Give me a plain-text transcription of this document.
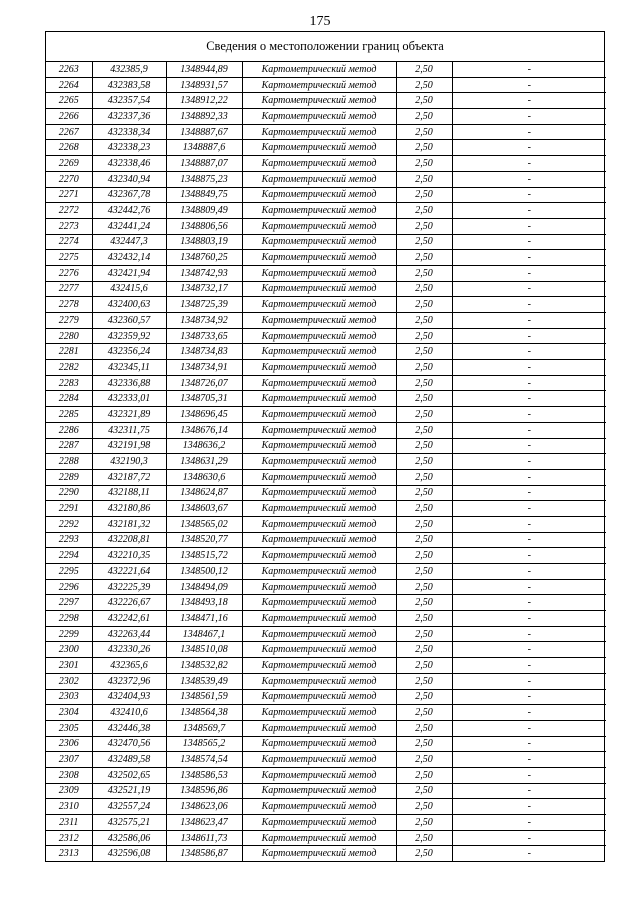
175
Сведения о местоположении границ объекта
2263	432385,9	1348944,89	Картометрический метод	2,50	-
2264	432383,58	1348931,57	Картометрический метод	2,50	-
2265	432357,54	1348912,22	Картометрический метод	2,50	-
2266	432337,36	1348892,33	Картометрический метод	2,50	-
2267	432338,34	1348887,67	Картометрический метод	2,50	-
2268	432338,23	1348887,6	Картометрический метод	2,50	-
2269	432338,46	1348887,07	Картометрический метод	2,50	-
2270	432340,94	1348875,23	Картометрический метод	2,50	-
2271	432367,78	1348849,75	Картометрический метод	2,50	-
2272	432442,76	1348809,49	Картометрический метод	2,50	-
2273	432441,24	1348806,56	Картометрический метод	2,50	-
2274	432447,3	1348803,19	Картометрический метод	2,50	-
2275	432432,14	1348760,25	Картометрический метод	2,50	-
2276	432421,94	1348742,93	Картометрический метод	2,50	-
2277	432415,6	1348732,17	Картометрический метод	2,50	-
2278	432400,63	1348725,39	Картометрический метод	2,50	-
2279	432360,57	1348734,92	Картометрический метод	2,50	-
2280	432359,92	1348733,65	Картометрический метод	2,50	-
2281	432356,24	1348734,83	Картометрический метод	2,50	-
2282	432345,11	1348734,91	Картометрический метод	2,50	-
2283	432336,88	1348726,07	Картометрический метод	2,50	-
2284	432333,01	1348705,31	Картометрический метод	2,50	-
2285	432321,89	1348696,45	Картометрический метод	2,50	-
2286	432311,75	1348676,14	Картометрический метод	2,50	-
2287	432191,98	1348636,2	Картометрический метод	2,50	-
2288	432190,3	1348631,29	Картометрический метод	2,50	-
2289	432187,72	1348630,6	Картометрический метод	2,50	-
2290	432188,11	1348624,87	Картометрический метод	2,50	-
2291	432180,86	1348603,67	Картометрический метод	2,50	-
2292	432181,32	1348565,02	Картометрический метод	2,50	-
2293	432208,81	1348520,77	Картометрический метод	2,50	-
2294	432210,35	1348515,72	Картометрический метод	2,50	-
2295	432221,64	1348500,12	Картометрический метод	2,50	-
2296	432225,39	1348494,09	Картометрический метод	2,50	-
2297	432226,67	1348493,18	Картометрический метод	2,50	-
2298	432242,61	1348471,16	Картометрический метод	2,50	-
2299	432263,44	1348467,1	Картометрический метод	2,50	-
2300	432330,26	1348510,08	Картометрический метод	2,50	-
2301	432365,6	1348532,82	Картометрический метод	2,50	-
2302	432372,96	1348539,49	Картометрический метод	2,50	-
2303	432404,93	1348561,59	Картометрический метод	2,50	-
2304	432410,6	1348564,38	Картометрический метод	2,50	-
2305	432446,38	1348569,7	Картометрический метод	2,50	-
2306	432470,56	1348565,2	Картометрический метод	2,50	-
2307	432489,58	1348574,54	Картометрический метод	2,50	-
2308	432502,65	1348586,53	Картометрический метод	2,50	-
2309	432521,19	1348596,86	Картометрический метод	2,50	-
2310	432557,24	1348623,06	Картометрический метод	2,50	-
2311	432575,21	1348623,47	Картометрический метод	2,50	-
2312	432586,06	1348611,73	Картометрический метод	2,50	-
2313	432596,08	1348586,87	Картометрический метод	2,50	-
